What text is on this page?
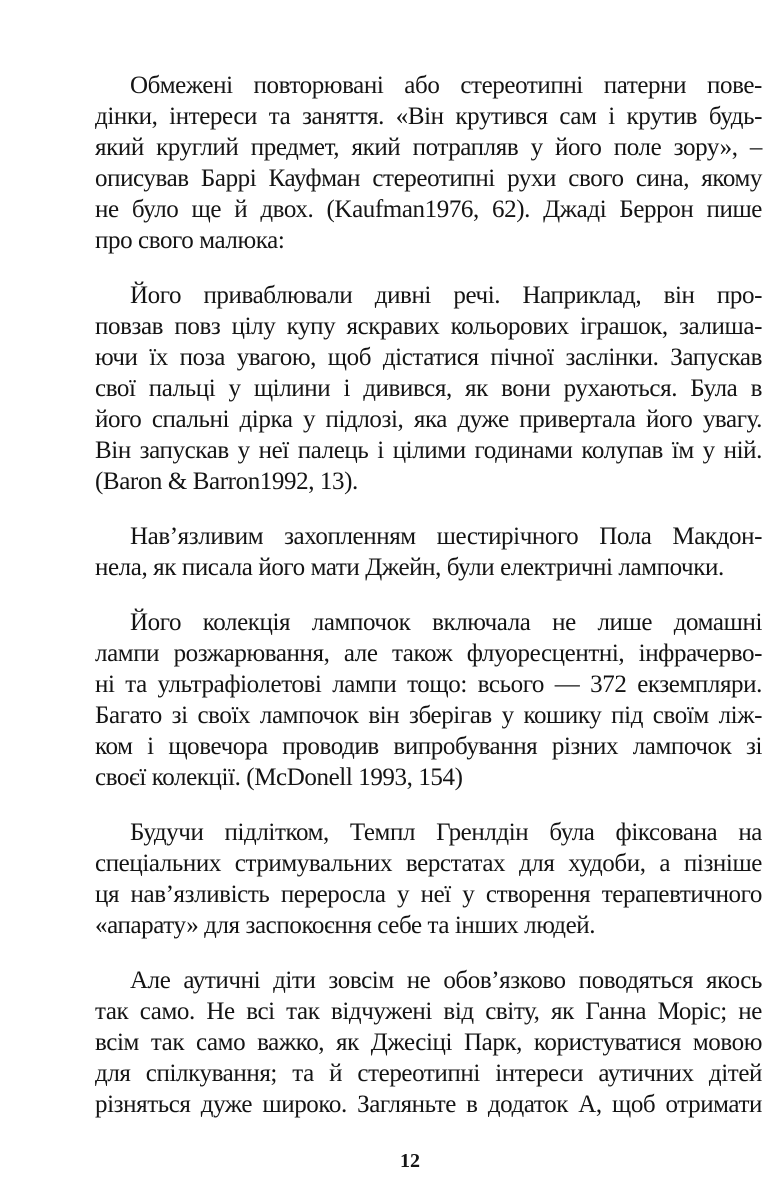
Обмежені повторювані або стереотипні патерни пове-
дінки, інтереси та заняття. «Він крутився сам і крутив будь-
який круглий предмет, який потрапляв у його поле зору», –
описував Баррі Кауфман стереотипні рухи свого сина, якому
не було ще й двох. (Kaufman1976, 62). Джаді Беррон пише
про свого малюка:
Його приваблювали дивні речі. Наприклад, він про-
повзав повз цілу купу яскравих кольорових іграшок, залиша-
ючи їх поза увагою, щоб дістатися пічної заслінки. Запускав
свої пальці у щілини і дивився, як вони рухаються. Була в
його спальні дірка у підлозі, яка дуже привертала його увагу.
Він запускав у неї палець і цілими годинами колупав їм у ній.
(Baron & Barron1992, 13).
Нав’язливим захопленням шестирічного Пола Макдон-
нела, як писала його мати Джейн, були електричні лампочки.
Його колекція лампочок включала не лише домашні
лампи розжарювання, але також флуоресцентні, інфрачерво-
ні та ультрафіолетові лампи тощо: всього — 372 екземпляри.
Багато зі своїх лампочок він зберігав у кошику під своїм ліж-
ком і щовечора проводив випробування різних лампочок зі
своєї колекції. (McDonell 1993, 154)
Будучи підлітком, Темпл Гренлдін була фіксована на
спеціальних стримувальних верстатах для худоби, а пізніше
ця нав’язливість переросла у неї у створення терапевтичного
«апарату» для заспокоєння себе та інших людей.
Але аутичні діти зовсім не обов’язково поводяться якось
так само. Не всі так відчужені від світу, як Ганна Моріс; не
всім так само важко, як Джесіці Парк, користуватися мовою
для спілкування; та й стереотипні інтереси аутичних дітей
різняться дуже широко. Загляньте в додаток А, щоб отримати
12
